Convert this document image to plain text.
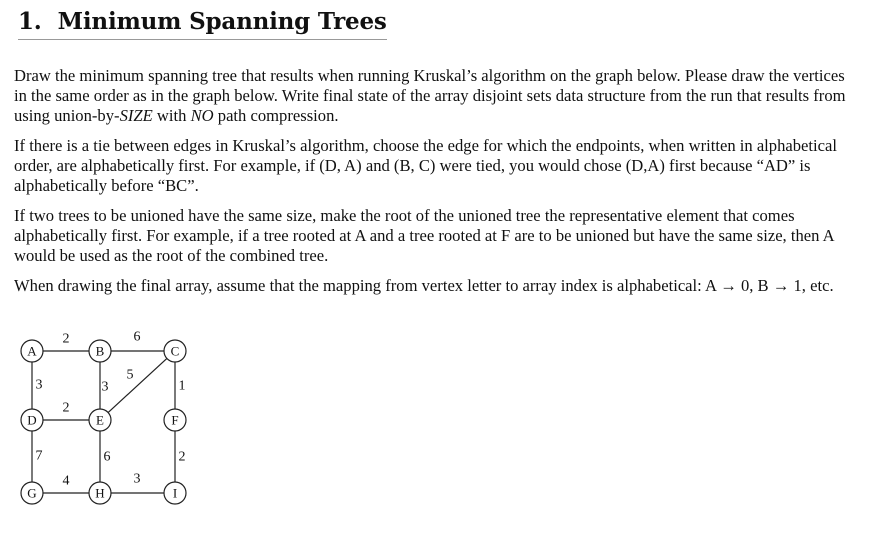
1. Minimum Spanning Trees

Draw the minimum spanning tree that results when running Kruskal’s algorithm on the graph below. Please draw the vertices in the same order as in the graph below. Write final state of the array disjoint sets data structure from the run that results from using union-by-SIZE with NO path compression.

If there is a tie between edges in Kruskal’s algorithm, choose the edge for which the endpoints, when written in alphabetical order, are alphabetically first. For example, if (D, A) and (B, C) were tied, you would chose (D,A) first because “AD” is alphabetically before “BC”.

If two trees to be unioned have the same size, make the root of the unioned tree the representative element that comes alphabetically first. For example, if a tree rooted at A and a tree rooted at F are to be unioned but have the same size, then A would be used as the root of the combined tree.

When drawing the final array, assume that the mapping from vertex letter to array index is alphabetical: A → 0, B → 1, etc.

2	6
3	3
5
1
2
7	6	2
4	3
A	B	C
D	E	F
G	H	I
